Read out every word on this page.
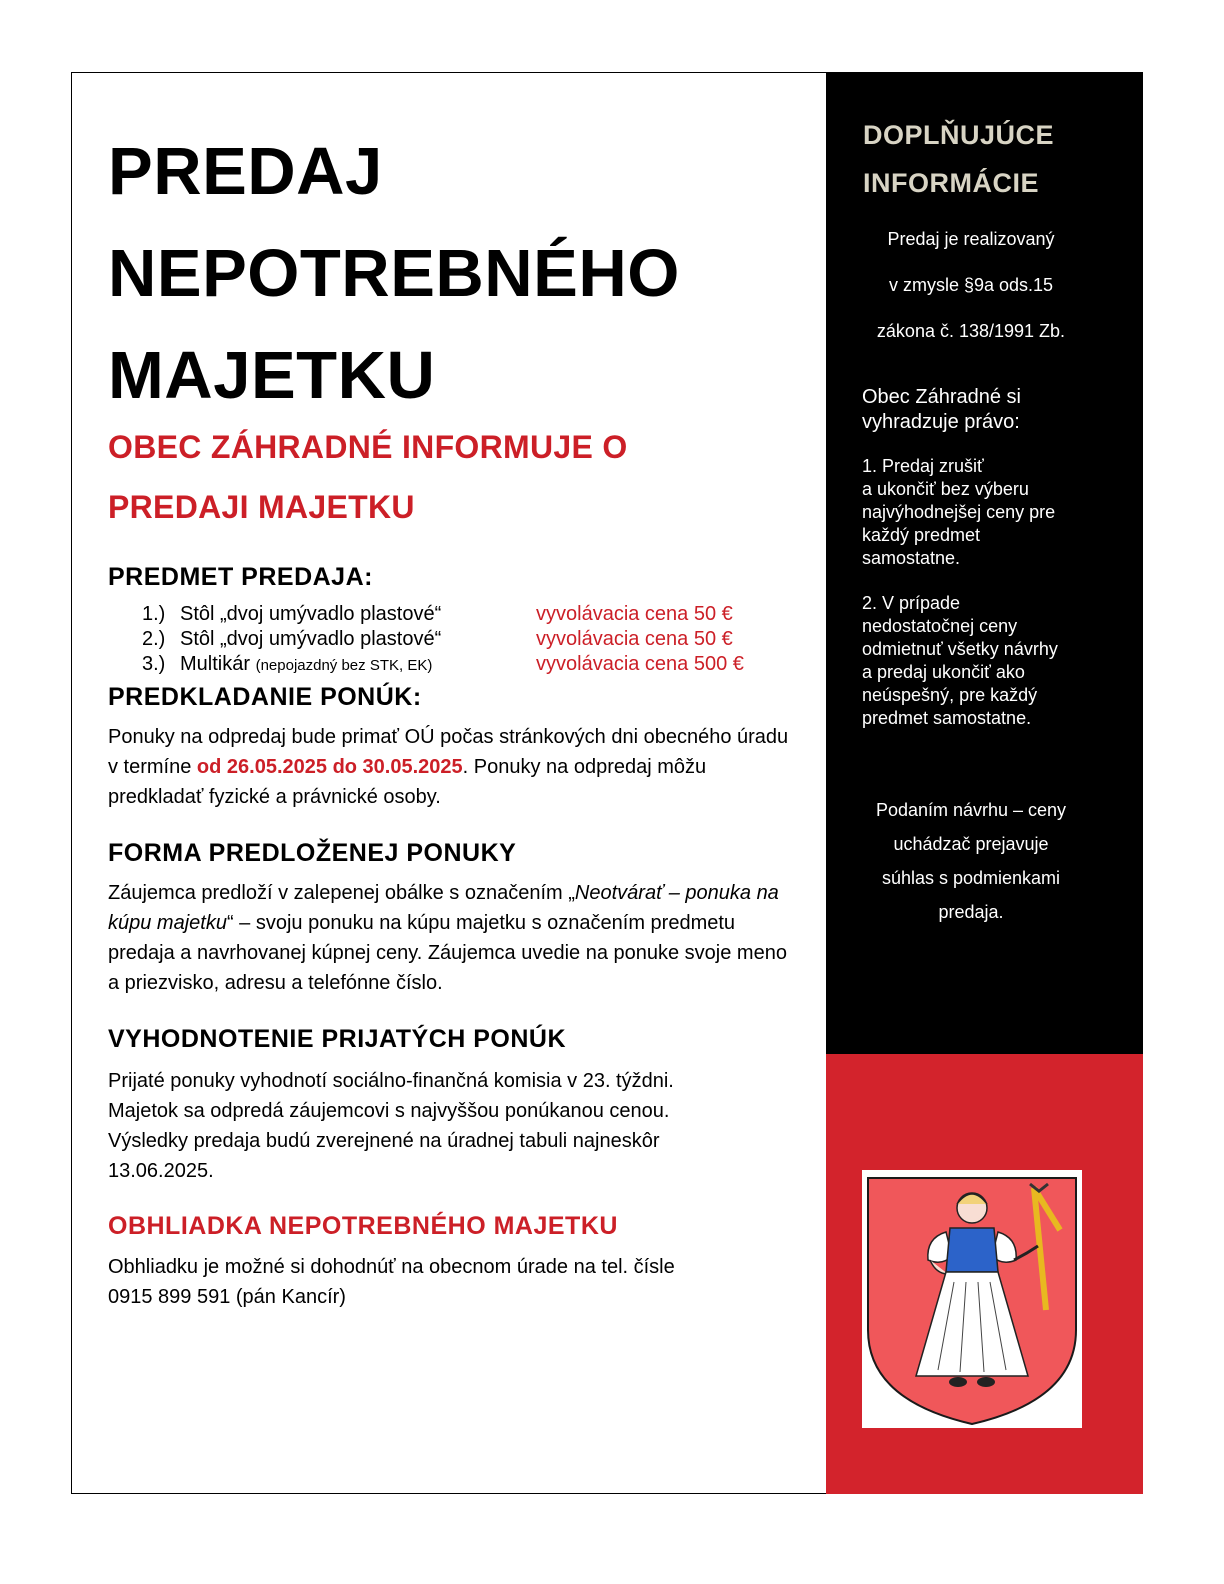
PREDAJ
NEPOTREBNÉHO
MAJETKU
OBEC ZÁHRADNÉ INFORMUJE O
PREDAJI MAJETKU
PREDMET PREDAJA:
1.) Stôl „dvoj umývadlo plastové“	vyvolávacia cena 50 €
2.) Stôl „dvoj umývadlo plastové“	vyvolávacia cena 50 €
3.) Multikár (nepojazdný bez STK, EK)	vyvolávacia cena 500 €
PREDKLADANIE PONÚK:

Ponuky na odpredaj bude primať OÚ počas stránkových dni obecného úradu v termíne od 26.05.2025 do 30.05.2025. Ponuky na odpredaj môžu predkladať fyzické a právnické osoby.

FORMA PREDLOŽENEJ PONUKY

Záujemca predloží v zalepenej obálke s označením „Neotvárať – ponuka na kúpu majetku“ – svoju ponuku na kúpu majetku s označením predmetu predaja a navrhovanej kúpnej ceny. Záujemca uvedie na ponuke svoje meno a priezvisko, adresu a telefónne číslo.

VYHODNOTENIE PRIJATÝCH PONÚK

Prijaté ponuky vyhodnotí sociálno-finančná komisia v 23. týždni.
Majetok sa odpredá záujemcovi s najvyššou ponúkanou cenou.
Výsledky predaja budú zverejnené na úradnej tabuli najneskôr
13.06.2025.

OBHLIADKA NEPOTREBNÉHO MAJETKU

Obhliadku je možné si dohodnúť na obecnom úrade na tel. čísle
0915 899 591 (pán Kancír)

DOPLŇUJÚCE
INFORMÁCIE
Predaj je realizovaný
v zmysle §9a ods.15
zákona č. 138/1991 Zb.

Obec Záhradné si
vyhradzuje právo:

1. Predaj zrušiť
a ukončiť bez výberu
najvýhodnejšej ceny pre
každý predmet
samostatne.

2. V prípade
nedostatočnej ceny
odmietnuť všetky návrhy
a predaj ukončiť ako
neúspešný, pre každý
predmet samostatne.

Podaním návrhu – ceny
uchádzač prejavuje
súhlas s podmienkami
predaja.
